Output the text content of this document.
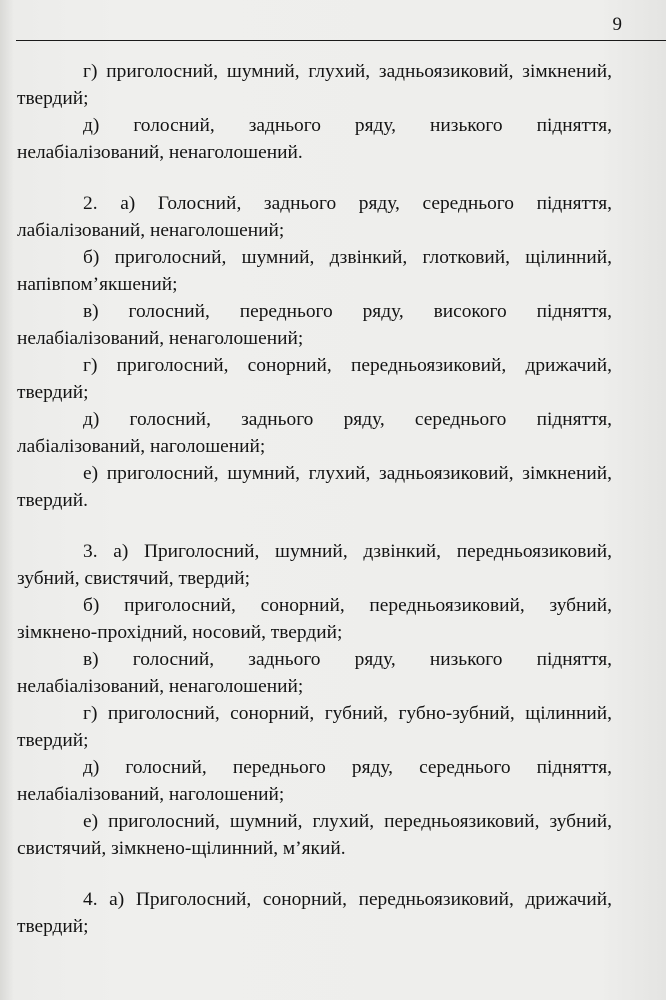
9

г) приголосний, шумний, глухий, задньоязиковий, зімкнений, твердий;

д) голосний, заднього ряду, низького підняття, нелабіалізований, ненаголошений.

2. а) Голосний, заднього ряду, середнього підняття, лабіалізований, ненаголошений;

б) приголосний, шумний, дзвінкий, глотковий, щілинний, напівпом’якшений;

в) голосний, переднього ряду, високого підняття, нелабіалізований, ненаголошений;

г) приголосний, сонорний, передньоязиковий, дрижачий, твердий;

д) голосний, заднього ряду, середнього підняття, лабіалізований, наголошений;

е) приголосний, шумний, глухий, задньоязиковий, зімкнений, твердий.

3. а) Приголосний, шумний, дзвінкий, передньоязиковий, зубний, свистячий, твердий;

б) приголосний, сонорний, передньоязиковий, зубний, зімкнено-прохідний, носовий, твердий;

в) голосний, заднього ряду, низького підняття, нелабіалізований, ненаголошений;

г) приголосний, сонорний, губний, губно-зубний, щілинний, твердий;

д) голосний, переднього ряду, середнього підняття, нелабіалізований, наголошений;

е) приголосний, шумний, глухий, передньоязиковий, зубний, свистячий, зімкнено-щілинний, м’який.

4. а) Приголосний, сонорний, передньоязиковий, дрижачий, твердий;
